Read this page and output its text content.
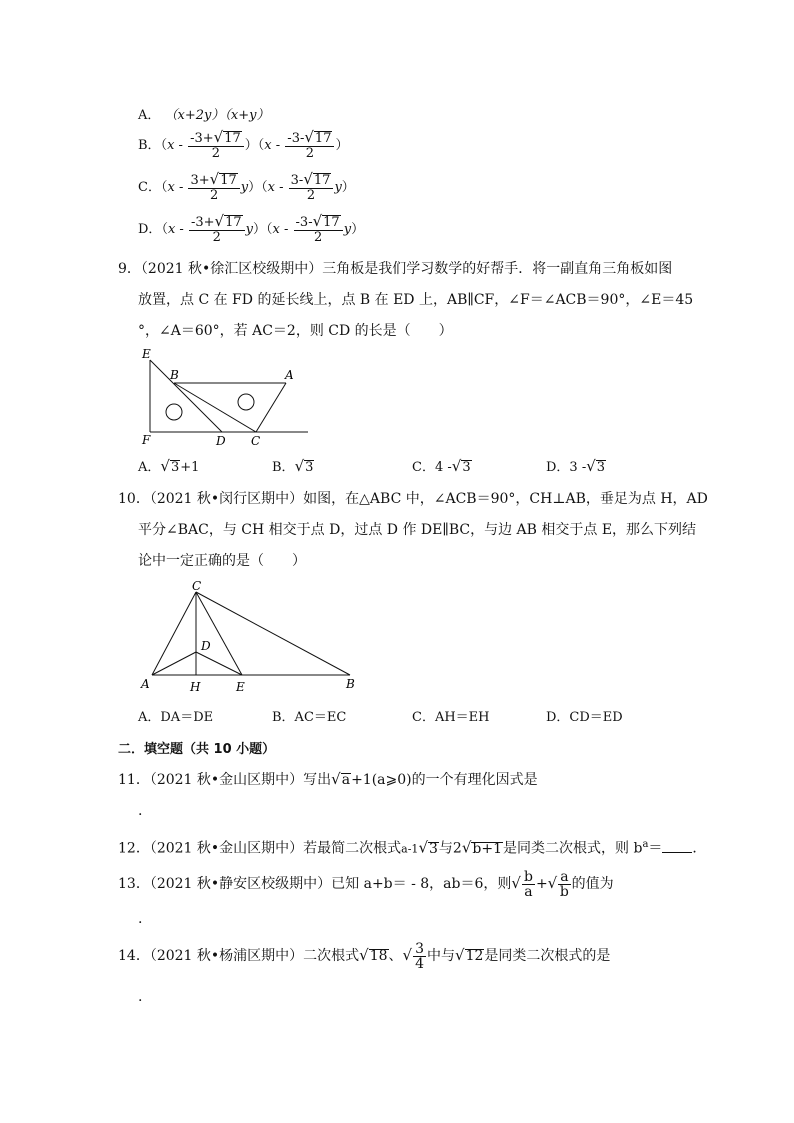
A． （x+2y）（x+y）
B．$(x - \frac{-3+√17}{2} )(x - \frac{-3-√17}{2}$ ）
C．$(x - \frac{3+√17}{2} y)(x - \frac{3-√17}{2} y)$
D．$(x - \frac{-3+√17}{2} y)(x - \frac{-3-√17}{2} y)$
9．（2021 秋•徐汇区校级期中）三角板是我们学习数学的好帮手．将一副直角三角板如图
放置，点 C 在 FD 的延长线上，点 B 在 ED 上，AB∥CF，∠F＝∠ACB＝90°，∠E＝45
°，∠A＝60°，若 AC＝2，则 CD 的长是（　　）
E
B	A
F	D C
A．√3+1	B．√3	C．4 -√3	D．3 -√3
10．（2021 秋•闵行区期中）如图，在△ABC 中，∠ACB＝90°，CH⊥AB，垂足为点 H，AD
平分∠BAC，与 CH 相交于点 D，过点 D 作 DE∥BC，与边 AB 相交于点 E，那么下列结
论中一定正确的是（　　）
C
D
A	H	E	B
A．DA＝DE	B．AC＝EC	C．AH＝EH	D．CD＝ED
二．填空题（共 10 小题）
11．（2021 秋•金山区期中）写出√a+1(a⩾0)的一个有理化因式是
.
12．（2021 秋•金山区期中）若最简二次根式a-1√3与2√b+1是同类二次根式，则 $b^a=$ ．
13．（2021 秋•静安区校级期中）已知 a+b＝ - 8，ab＝6，则√ $\frac{b}{a}$ +√ $\frac{a}{b}$ 的值为
.
14．（2021 秋•杨浦区期中）二次根式√18、√ $\frac{3}{4}$ 中与√12是同类二次根式的是
.
